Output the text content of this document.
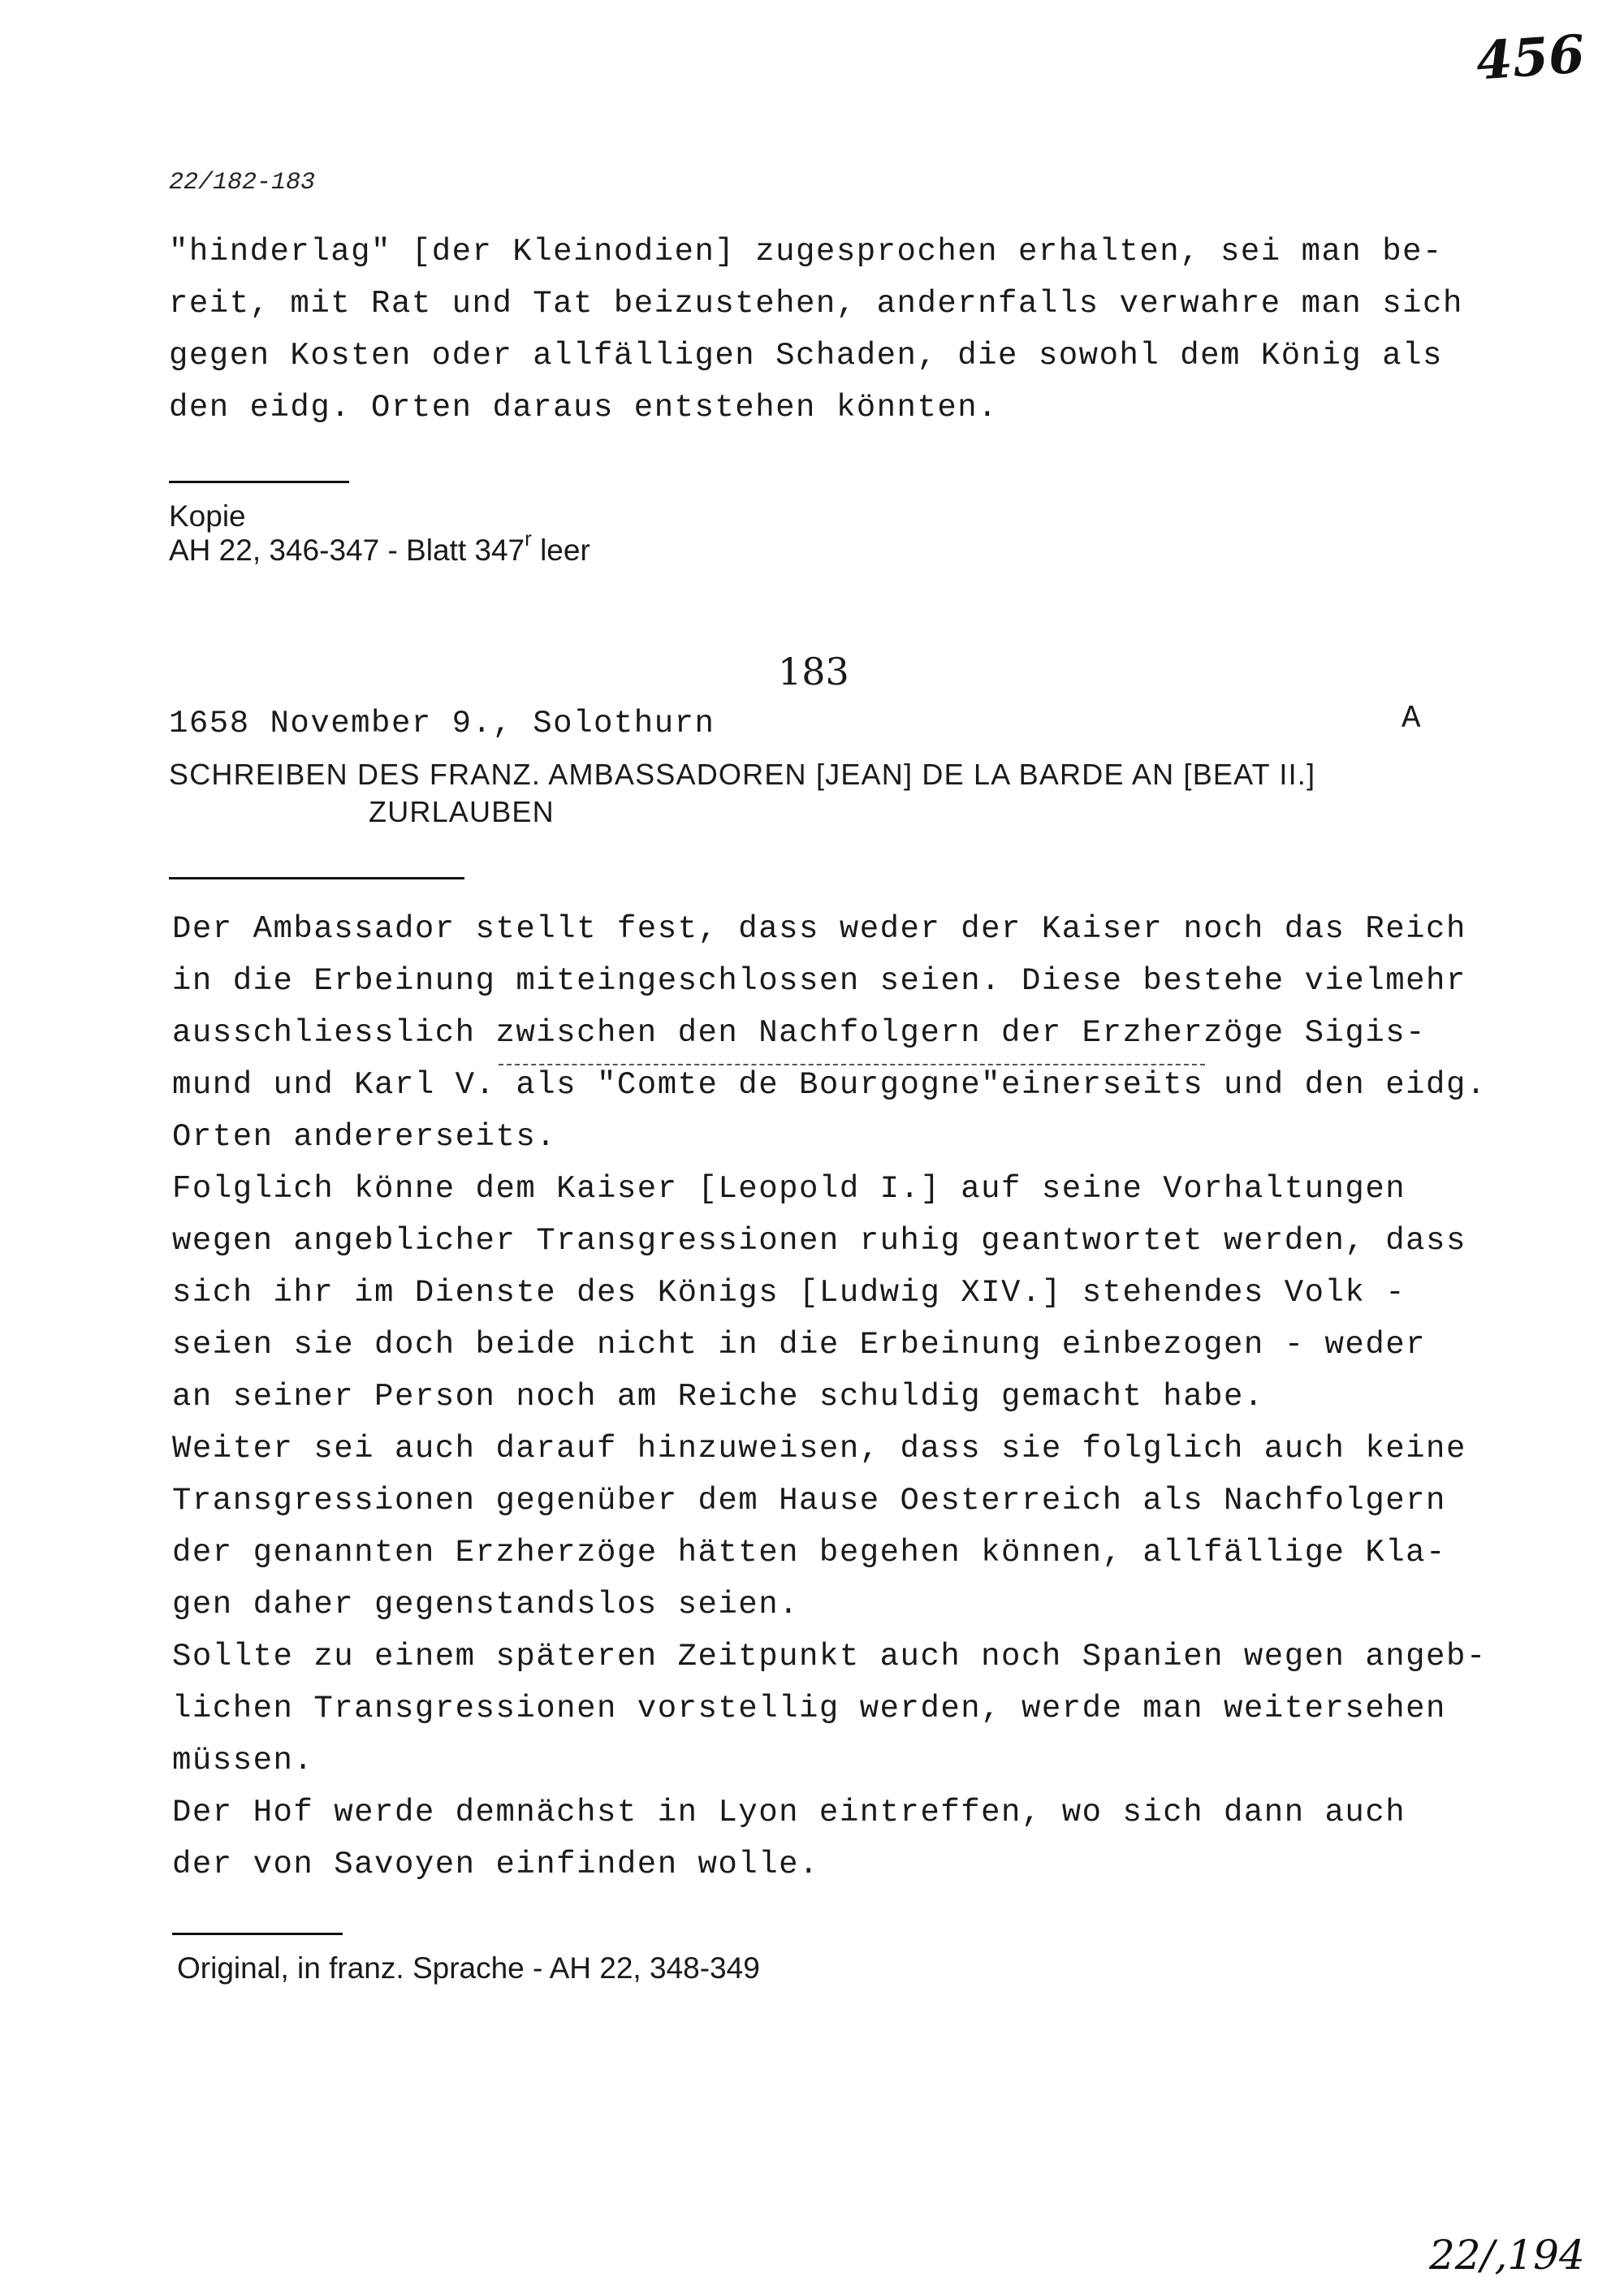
456
22/182-183
"hinderlag" [der Kleinodien] zugesprochen erhalten, sei man be-
reit, mit Rat und Tat beizustehen, andernfalls verwahre man sich
gegen Kosten oder allfälligen Schaden, die sowohl dem König als
den eidg. Orten daraus entstehen könnten.
Kopie
AH 22, 346-347 - Blatt 347$^r$ leer
183
1658 November 9., Solothurn	A
SCHREIBEN DES FRANZ. AMBASSADOREN [JEAN] DE LA BARDE AN [BEAT II.]
ZURLAUBEN
Der Ambassador stellt fest, dass weder der Kaiser noch das Reich
in die Erbeinung miteingeschlossen seien. Diese bestehe vielmehr
ausschliesslich zwischen den Nachfolgern der Erzherzöge Sigis-
mund und Karl V. als "Comte de Bourgogne"einerseits und den eidg.
Orten andererseits.
Folglich könne dem Kaiser [Leopold I.] auf seine Vorhaltungen
wegen angeblicher Transgressionen ruhig geantwortet werden, dass
sich ihr im Dienste des Königs [Ludwig XIV.] stehendes Volk -
seien sie doch beide nicht in die Erbeinung einbezogen - weder
an seiner Person noch am Reiche schuldig gemacht habe.
Weiter sei auch darauf hinzuweisen, dass sie folglich auch keine
Transgressionen gegenüber dem Hause Oesterreich als Nachfolgern
der genannten Erzherzöge hätten begehen können, allfällige Kla-
gen daher gegenstandslos seien.
Sollte zu einem späteren Zeitpunkt auch noch Spanien wegen angeb-
lichen Transgressionen vorstellig werden, werde man weitersehen
müssen.
Der Hof werde demnächst in Lyon eintreffen, wo sich dann auch
der von Savoyen einfinden wolle.
Original, in franz. Sprache - AH 22, 348-349
22/,194
